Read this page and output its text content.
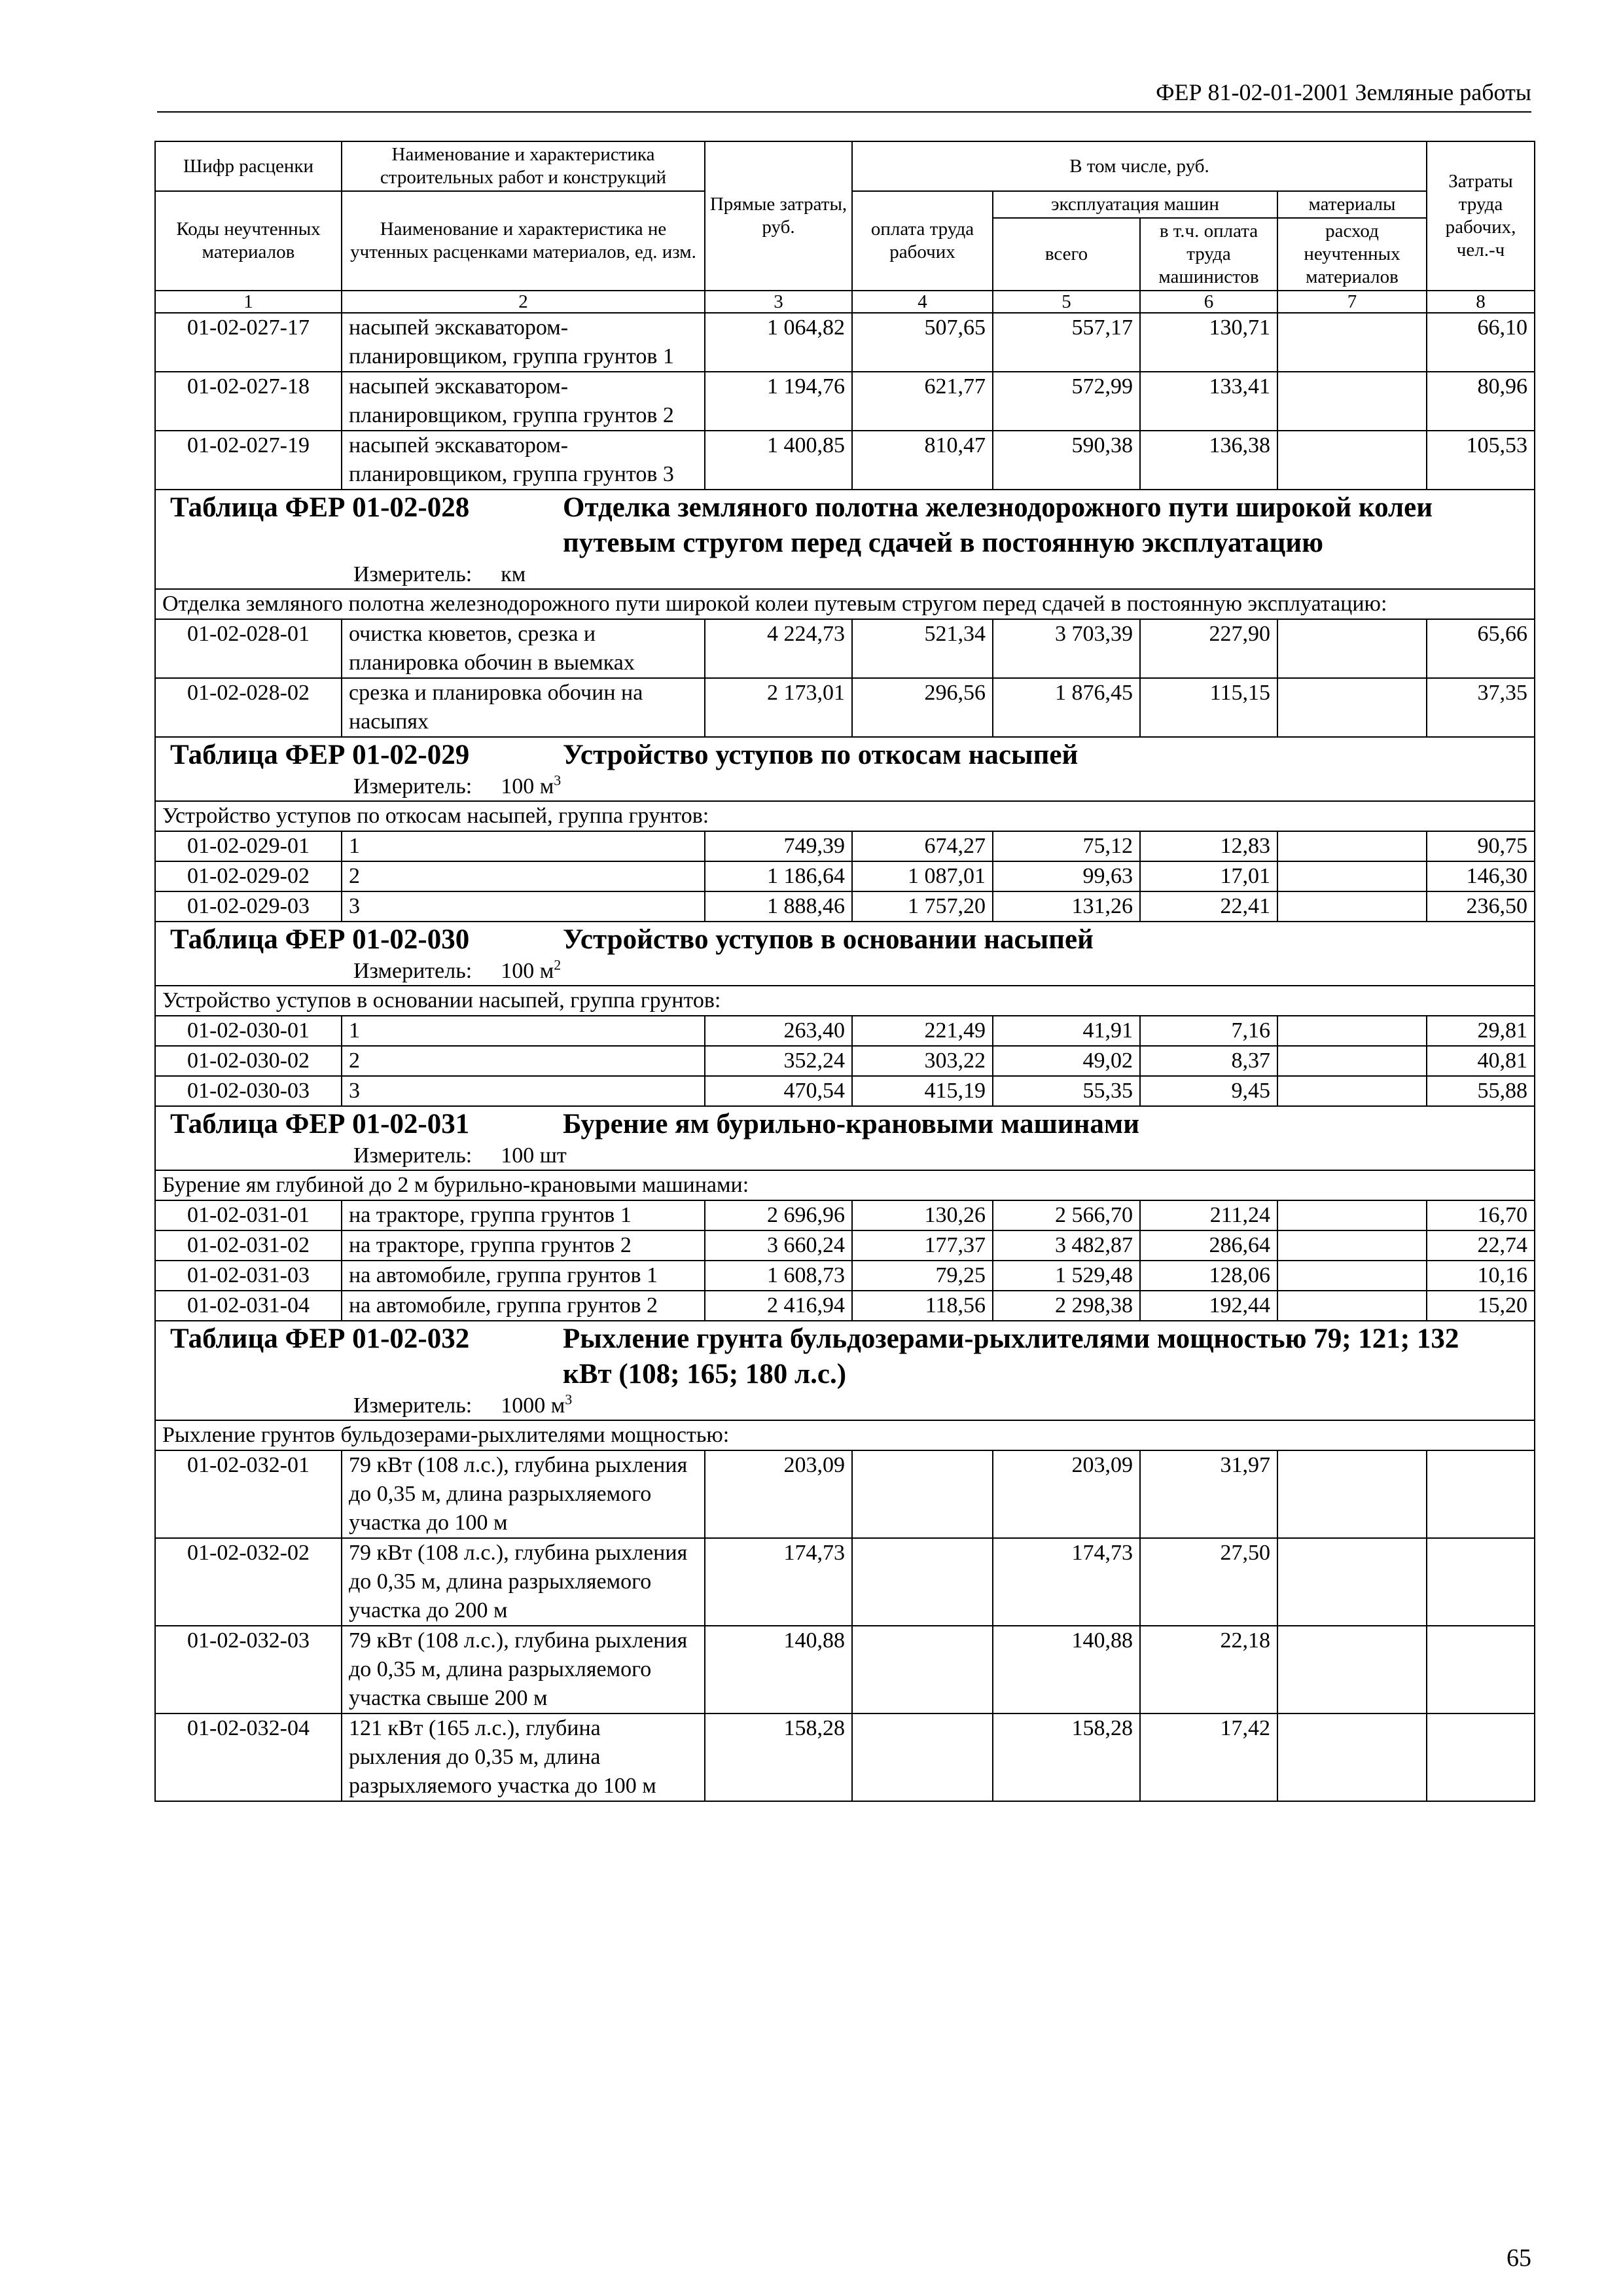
ФЕР 81-02-01-2001 Земляные работы
Шифр расценки	Наименование и характеристика строительных работ и конструкций	Прямые затраты, руб.	В том числе, руб.				Затраты труда рабочих, чел.-ч
Коды неучтенных материалов	Наименование и характеристика не учтенных расценками материалов, ед. изм.		оплата труда рабочих	эксплуатация машин		материалы	
				всего	в т.ч. оплата труда машинистов	расход неучтенных материалов	
1	2	3	4	5	6	7	8
01-02-027-17	насыпей экскаватором-планировщиком, группа грунтов 1	1 064,82	507,65	557,17	130,71		66,10
01-02-027-18	насыпей экскаватором-планировщиком, группа грунтов 2	1 194,76	621,77	572,99	133,41		80,96
01-02-027-19	насыпей экскаватором-планировщиком, группа грунтов 3	1 400,85	810,47	590,38	136,38		105,53

Таблица ФЕР 01-02-028 Отделка земляного полотна железнодорожного пути широкой колеи путевым стругом перед сдачей в постоянную эксплуатацию
Измеритель: км							

Отделка земляного полотна железнодорожного пути широкой колеи путевым стругом перед сдачей в постоянную эксплуатацию:							
01-02-028-01	очистка кюветов, срезка и планировка обочин в выемках	4 224,73	521,34	3 703,39	227,90		65,66
01-02-028-02	срезка и планировка обочин на насыпях	2 173,01	296,56	1 876,45	115,15		37,35

Таблица ФЕР 01-02-029 Устройство уступов по откосам насыпей
Измеритель: 100 $м^3$

Устройство уступов по откосам насыпей, группа грунтов:							
01-02-029-01	1	749,39	674,27	75,12	12,83		90,75
01-02-029-02	2	1 186,64	1 087,01	99,63	17,01		146,30
01-02-029-03	3	1 888,46	1 757,20	131,26	22,41		236,50

Таблица ФЕР 01-02-030 Устройство уступов в основании насыпей
Измеритель: 100 $м^2$

Устройство уступов в основании насыпей, группа грунтов:							
01-02-030-01	1	263,40	221,49	41,91	7,16		29,81
01-02-030-02	2	352,24	303,22	49,02	8,37		40,81
01-02-030-03	3	470,54	415,19	55,35	9,45		55,88

Таблица ФЕР 01-02-031 Бурение ям бурильно-крановыми машинами
Измеритель: 100 шт							

Бурение ям глубиной до 2 м бурильно-крановыми машинами:							
01-02-031-01	на тракторе, группа грунтов 1	2 696,96	130,26	2 566,70	211,24		16,70
01-02-031-02	на тракторе, группа грунтов 2	3 660,24	177,37	3 482,87	286,64		22,74
01-02-031-03	на автомобиле, группа грунтов 1	1 608,73	79,25	1 529,48	128,06		10,16
01-02-031-04	на автомобиле, группа грунтов 2	2 416,94	118,56	2 298,38	192,44		15,20

Таблица ФЕР 01-02-032 Рыхление грунта бульдозерами-рыхлителями мощностью 79; 121; 132 кВт (108; 165; 180 л.с.)
Измеритель: 1000 $м^3$

Рыхление грунтов бульдозерами-рыхлителями мощностью:							
01-02-032-01	79 кВт (108 л.с.), глубина рыхления до 0,35 м, длина разрыхляемого участка до 100 м	203,09		203,09	31,97		
01-02-032-02	79 кВт (108 л.с.), глубина рыхления до 0,35 м, длина разрыхляемого участка до 200 м	174,73		174,73	27,50		
01-02-032-03	79 кВт (108 л.с.), глубина рыхления до 0,35 м, длина разрыхляемого участка свыше 200 м	140,88		140,88	22,18		
01-02-032-04	121 кВт (165 л.с.), глубина рыхления до 0,35 м, длина разрыхляемого участка до 100 м	158,28		158,28	17,42		
65
